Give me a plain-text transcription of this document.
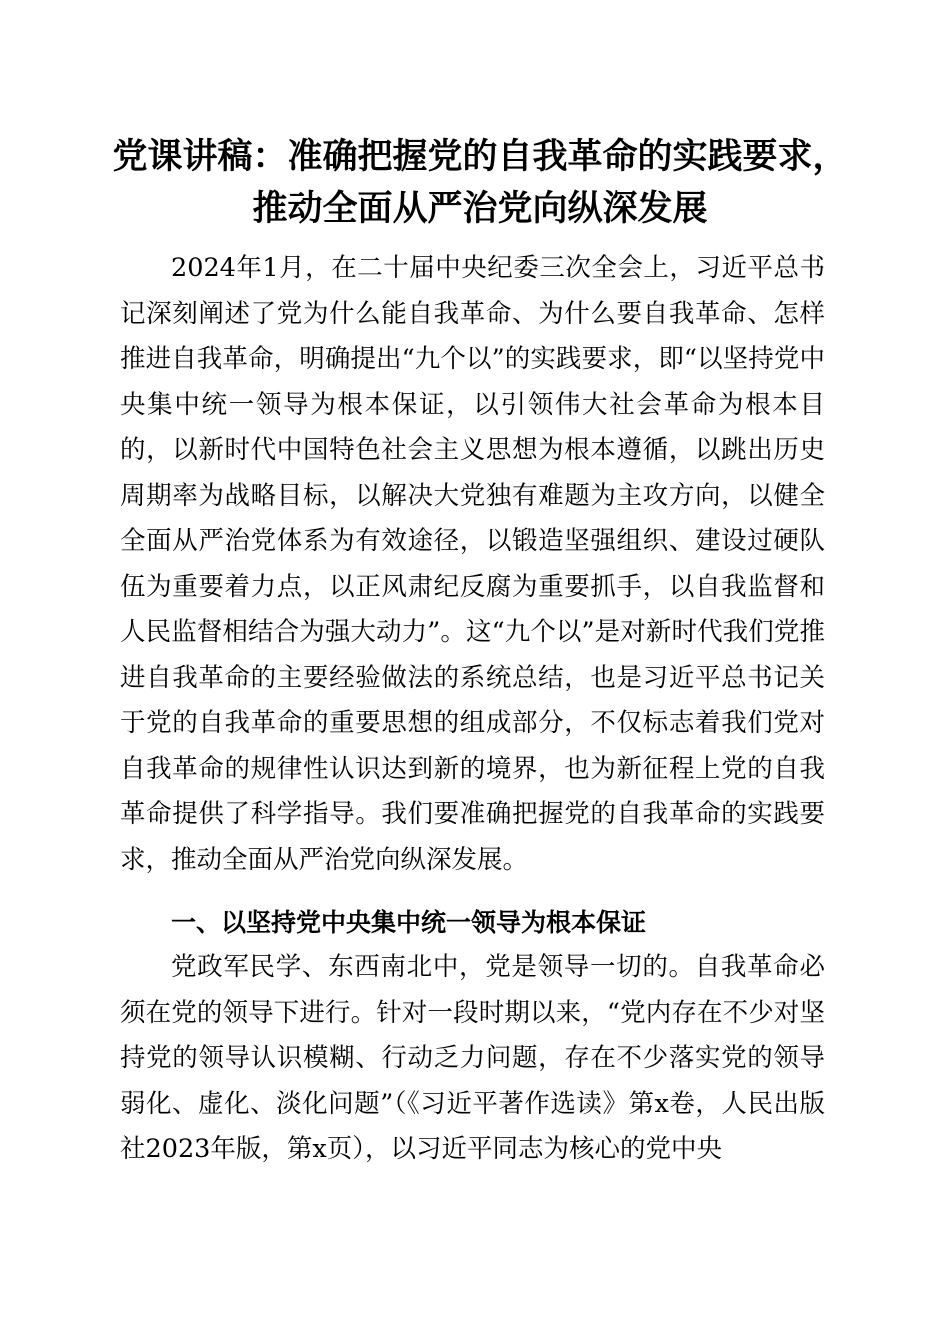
党课讲稿：准确把握党的自我革命的实践要求，
推动全面从严治党向纵深发展

2024年1月，在二十届中央纪委三次全会上，习近平总书记深刻阐述了党为什么能自我革命、为什么要自我革命、怎样推进自我革命，明确提出“九个以”的实践要求，即“以坚持党中央集中统一领导为根本保证，以引领伟大社会革命为根本目的，以新时代中国特色社会主义思想为根本遵循，以跳出历史周期率为战略目标，以解决大党独有难题为主攻方向，以健全全面从严治党体系为有效途径，以锻造坚强组织、建设过硬队伍为重要着力点，以正风肃纪反腐为重要抓手，以自我监督和人民监督相结合为强大动力”。这“九个以”是对新时代我们党推进自我革命的主要经验做法的系统总结，也是习近平总书记关于党的自我革命的重要思想的组成部分，不仅标志着我们党对自我革命的规律性认识达到新的境界，也为新征程上党的自我革命提供了科学指导。我们要准确把握党的自我革命的实践要求，推动全面从严治党向纵深发展。

一、以坚持党中央集中统一领导为根本保证

党政军民学、东西南北中，党是领导一切的。自我革命必须在党的领导下进行。针对一段时期以来，“党内存在不少对坚持党的领导认识模糊、行动乏力问题，存在不少落实党的领导弱化、虚化、淡化问题”（《习近平著作选读》第x卷，人民出版社2023年版，第x页），以习近平同志为核心的党中央
